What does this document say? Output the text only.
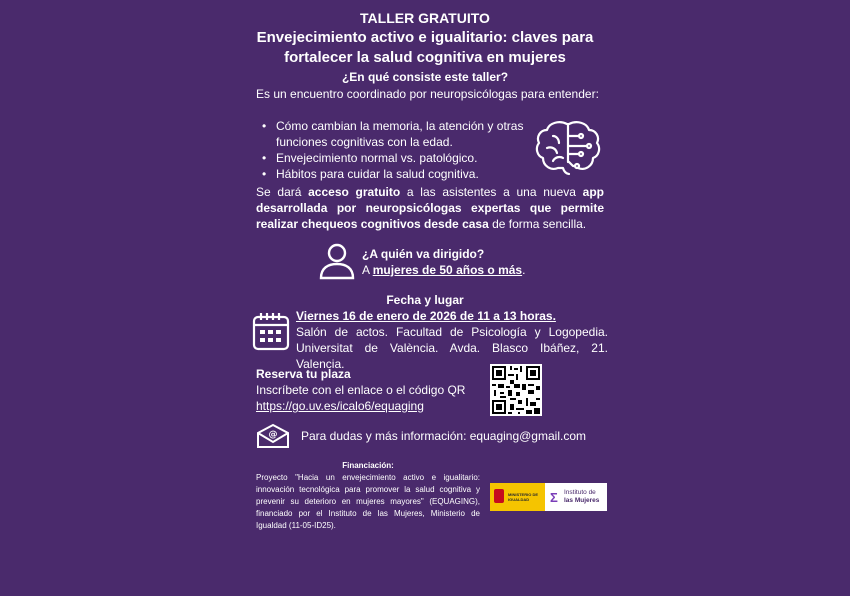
TALLER GRATUITO
Envejecimiento activo e igualitario: claves para
fortalecer la salud cognitiva en mujeres
¿En qué consiste este taller?
Es un encuentro coordinado por neuropsicólogas para entender:
• Cómo cambian la memoria, la atención y otras funciones cognitivas con la edad.
• Envejecimiento normal vs. patológico.
• Hábitos para cuidar la salud cognitiva.
Se dará acceso gratuito a las asistentes a una nueva app desarrollada por neuropsicólogas expertas que permite realizar chequeos cognitivos desde casa de forma sencilla.
¿A quién va dirigido?
A mujeres de 50 años o más.
Fecha y lugar
Viernes 16 de enero de 2026 de 11 a 13 horas.
Salón de actos. Facultad de Psicología y Logopedia. Universitat de València. Avda. Blasco Ibáñez, 21. Valencia.
Reserva tu plaza
Inscríbete con el enlace o el código QR
https://go.uv.es/icalo6/equaging
@ Para dudas y más información: equaging@gmail.com
Financiación:
Proyecto "Hacia un envejecimiento activo e igualitario: innovación tecnológica para promover la salud cognitiva y prevenir su deterioro en mujeres mayores" (EQUAGING), financiado por el Instituto de las Mujeres, Ministerio de Igualdad (11-05-ID25).
MINISTERIO DE IGUALDAD	Σ Instituto de
las Mujeres
